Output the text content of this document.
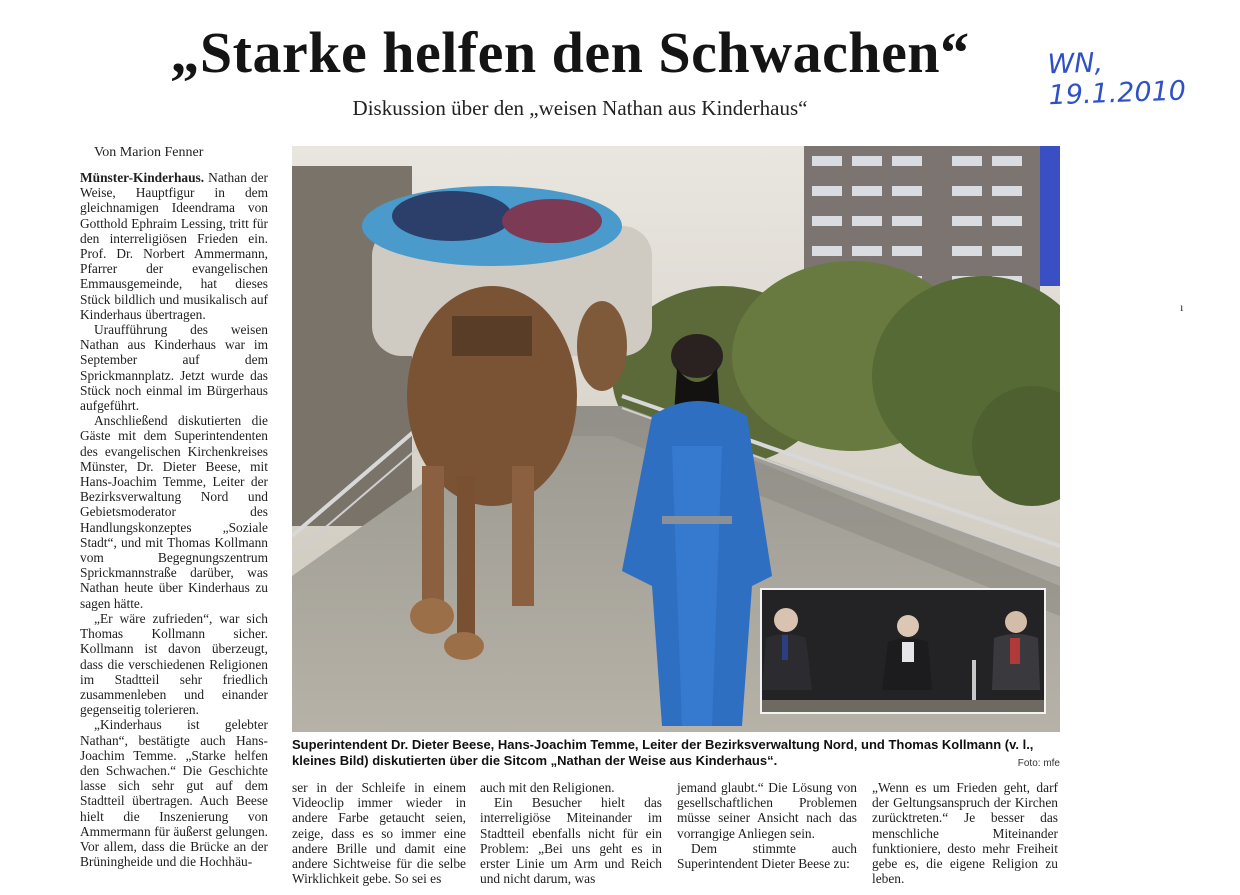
„Starke helfen den Schwachen“	WN, 19.1.2010
Diskussion über den „weisen Nathan aus Kinderhaus“
Von Marion Fenner

Münster-Kinderhaus. Nathan der Weise, Hauptfigur in dem gleichnamigen Ideendrama von Gotthold Ephraim Lessing, tritt für den interreligiösen Frieden ein. Prof. Dr. Norbert Ammermann, Pfarrer der evangelischen Emmausgemeinde, hat dieses Stück bildlich und musikalisch auf Kinderhaus übertragen.

Uraufführung des weisen Nathan aus Kinderhaus war im September auf dem Sprickmannplatz. Jetzt wurde das Stück noch einmal im Bürgerhaus aufgeführt.

Anschließend diskutierten die Gäste mit dem Superintendenten des evangelischen Kirchenkreises Münster, Dr. Dieter Beese, mit Hans-Joachim Temme, Leiter der Bezirksverwaltung Nord und Gebietsmoderator des Handlungskonzeptes „Soziale Stadt“, und mit Thomas Kollmann vom Begegnungszentrum Sprickmannstraße darüber, was Nathan heute über Kinderhaus zu sagen hätte.

„Er wäre zufrieden“, war sich Thomas Kollmann sicher. Kollmann ist davon überzeugt, dass die verschiedenen Religionen im Stadtteil sehr friedlich zusammenleben und einander gegenseitig tolerieren.

„Kinderhaus ist gelebter Nathan“, bestätigte auch Hans-Joachim Temme. „Starke helfen den Schwachen.“ Die Geschichte lasse sich sehr gut auf dem Stadtteil übertragen. Auch Beese hielt die Inszenierung von Ammermann für äußerst gelungen. Vor allem, dass die Brücke an der Brüningheide und die Hochhäu-

Superintendent Dr. Dieter Beese, Hans-Joachim Temme, Leiter der Bezirksverwaltung Nord, und Thomas Kollmann (v. l., kleines Bild) diskutierten über die Sitcom „Nathan der Weise aus Kinderhaus“.	Foto: mfe

ser in der Schleife in einem Videoclip immer wieder in andere Farbe getaucht seien, zeige, dass es so immer eine andere Brille und damit eine andere Sichtweise für die selbe Wirklichkeit gebe. So sei es

auch mit den Religionen.

Ein Besucher hielt das interreligiöse Miteinander im Stadtteil ebenfalls nicht für ein Problem: „Bei uns geht es in erster Linie um Arm und Reich und nicht darum, was

jemand glaubt.“ Die Lösung von gesellschaftlichen Problemen müsse seiner Ansicht nach das vorrangige Anliegen sein.

Dem stimmte auch Superintendent Dieter Beese zu:

„Wenn es um Frieden geht, darf der Geltungsanspruch der Kirchen zurücktreten.“ Je besser das menschliche Miteinander funktioniere, desto mehr Freiheit gebe es, die eigene Religion zu leben.

ı
